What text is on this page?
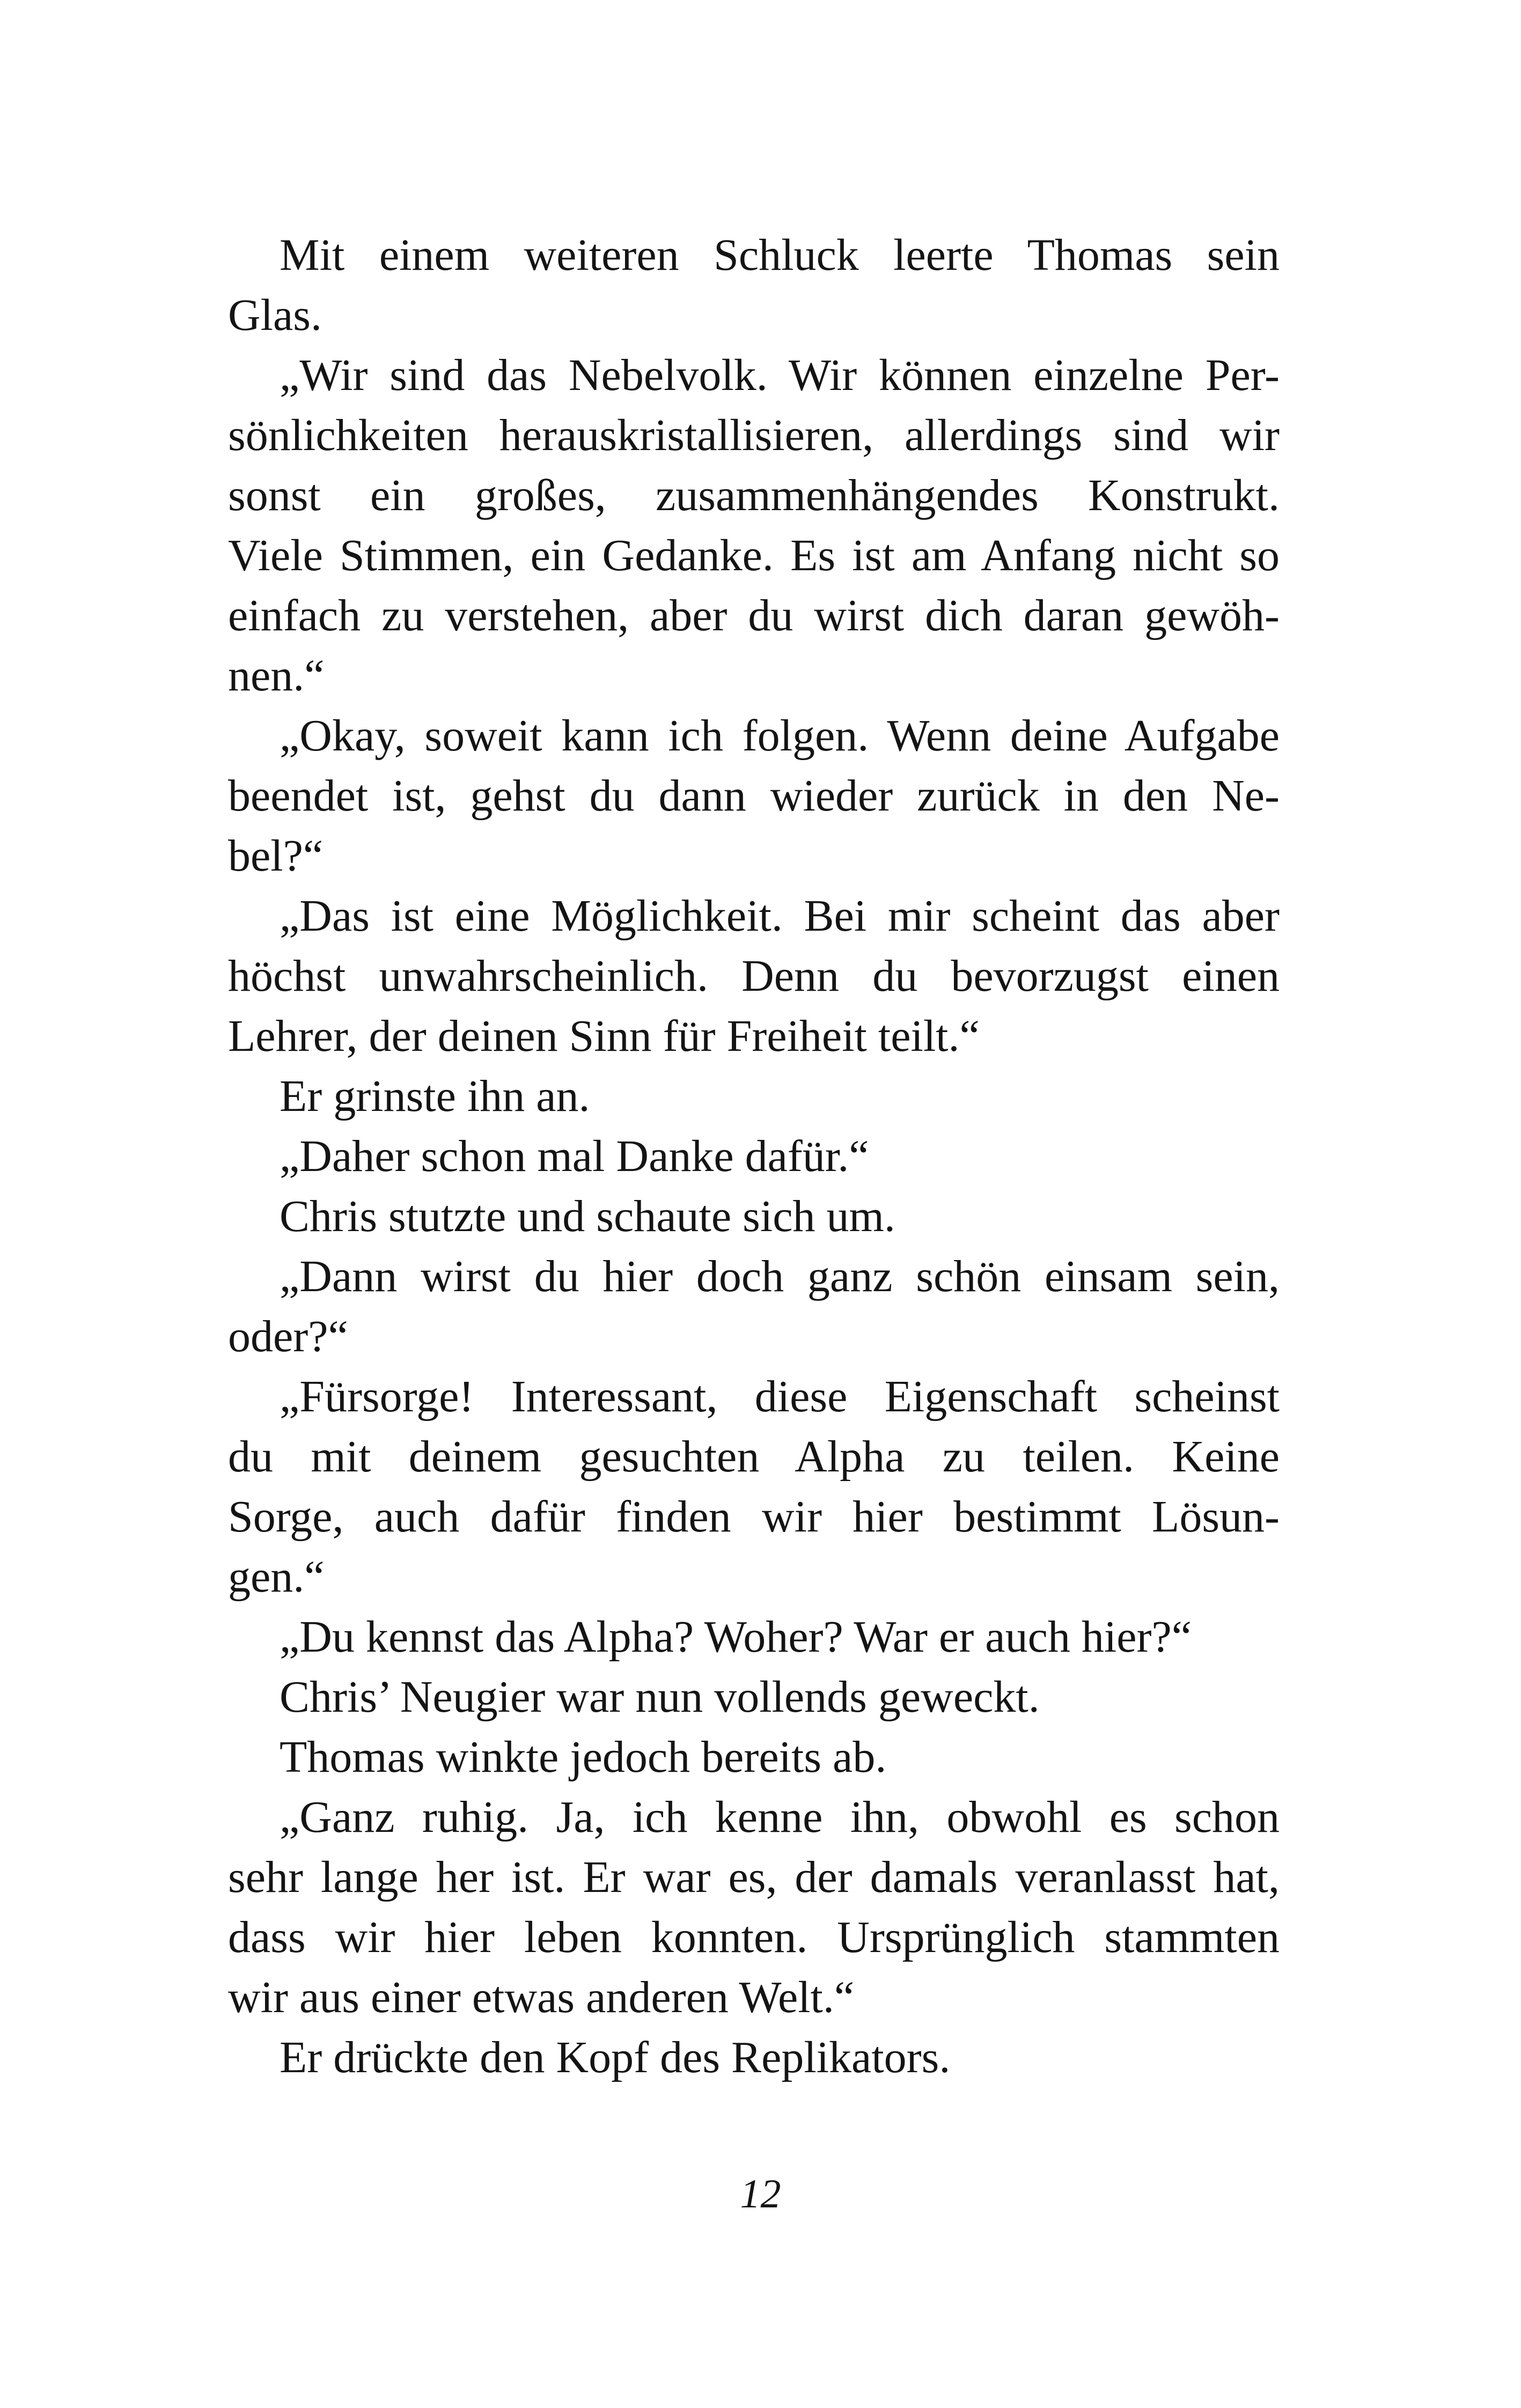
Mit einem weiteren Schluck leerte Thomas sein
Glas.
„Wir sind das Nebelvolk. Wir können einzelne Per-
sönlichkeiten herauskristallisieren, allerdings sind wir
sonst ein großes, zusammenhängendes Konstrukt.
Viele Stimmen, ein Gedanke. Es ist am Anfang nicht so
einfach zu verstehen, aber du wirst dich daran gewöh-
nen.“
„Okay, soweit kann ich folgen. Wenn deine Aufgabe
beendet ist, gehst du dann wieder zurück in den Ne-
bel?“
„Das ist eine Möglichkeit. Bei mir scheint das aber
höchst unwahrscheinlich. Denn du bevorzugst einen
Lehrer, der deinen Sinn für Freiheit teilt.“
Er grinste ihn an.
„Daher schon mal Danke dafür.“
Chris stutzte und schaute sich um.
„Dann wirst du hier doch ganz schön einsam sein,
oder?“
„Fürsorge! Interessant, diese Eigenschaft scheinst
du mit deinem gesuchten Alpha zu teilen. Keine
Sorge, auch dafür finden wir hier bestimmt Lösun-
gen.“
„Du kennst das Alpha? Woher? War er auch hier?“
Chris’ Neugier war nun vollends geweckt.
Thomas winkte jedoch bereits ab.
„Ganz ruhig. Ja, ich kenne ihn, obwohl es schon
sehr lange her ist. Er war es, der damals veranlasst hat,
dass wir hier leben konnten. Ursprünglich stammten
wir aus einer etwas anderen Welt.“
Er drückte den Kopf des Replikators.
12
